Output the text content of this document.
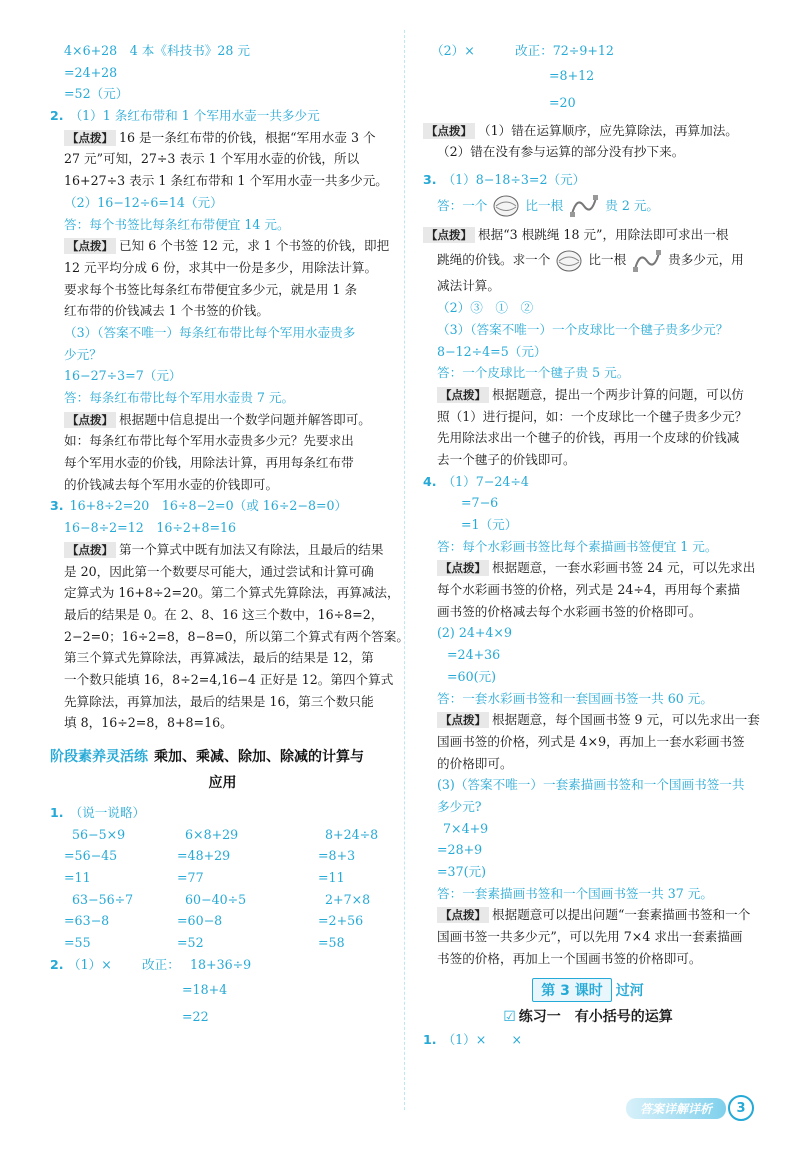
4×6+28　4 本《科技书》28 元
=24+28
=52（元）
2. （1）1 条红布带和 1 个军用水壶一共多少元
【点拨】 16 是一条红布带的价钱，根据“军用水壶 3 个
27 元”可知，27÷3 表示 1 个军用水壶的价钱，所以
16+27÷3 表示 1 条红布带和 1 个军用水壶一共多少元。
（2）16−12÷6=14（元）
答：每个书签比每条红布带便宜 14 元。
【点拨】 已知 6 个书签 12 元，求 1 个书签的价钱，即把
12 元平均分成 6 份，求其中一份是多少，用除法计算。
要求每个书签比每条红布带便宜多少元，就是用 1 条
红布带的价钱减去 1 个书签的价钱。
（3）（答案不唯一）每条红布带比每个军用水壶贵多
少元？
16−27÷3=7（元）
答：每条红布带比每个军用水壶贵 7 元。
【点拨】 根据题中信息提出一个数学问题并解答即可。
如：每条红布带比每个军用水壶贵多少元？先要求出
每个军用水壶的价钱，用除法计算，再用每条红布带
的价钱减去每个军用水壶的价钱即可。
3. 16+8÷2=20　16÷8−2=0（或 16÷2−8=0）
16−8÷2=12　16÷2+8=16
【点拨】 第一个算式中既有加法又有除法，且最后的结果
是 20，因此第一个数要尽可能大，通过尝试和计算可确
定算式为 16+8÷2=20。第二个算式先算除法，再算减法，
最后的结果是 0。在 2、8、16 这三个数中，16÷8=2，
2−2=0；16÷2=8，8−8=0，所以第二个算式有两个答案。
第三个算式先算除法，再算减法，最后的结果是 12，第
一个数只能填 16，8÷2=4,16−4 正好是 12。第四个算式
先算除法，再算加法，最后的结果是 16，第三个数只能
填 8，16÷2=8，8+8=16。
阶段素养灵活练 乘加、乘减、除加、除减的计算与
应用
1. （说一说略）
56−5×9	6×8+29	8+24÷8
=56−45	=48+29	=8+3
=11	=77	=11
63−56÷7	60−40÷5	2+7×8
=63−8	=60−8	=2+56
=55	=52	=58
2. （1）× 改正： 18+36÷9
=18+4
=22
（2）×	改正：72÷9+12
=8+12
=20
【点拨】 （1）错在运算顺序，应先算除法，再算加法。
（2）错在没有参与运算的部分没有抄下来。
3. （1）8−18÷3=2（元）
答：一个	比一根	贵 2 元。
【点拨】 根据“3 根跳绳 18 元”，用除法即可求出一根
跳绳的价钱。求一个	比一根	贵多少元，用
减法计算。
（2）③　①　②
（3）（答案不唯一）一个皮球比一个毽子贵多少元？
8−12÷4=5（元）
答：一个皮球比一个毽子贵 5 元。
【点拨】 根据题意，提出一个两步计算的问题，可以仿
照（1）进行提问，如：一个皮球比一个毽子贵多少元？
先用除法求出一个毽子的价钱，再用一个皮球的价钱减
去一个毽子的价钱即可。
4. （1）7−24÷4
=7−6
=1（元）
答：每个水彩画书签比每个素描画书签便宜 1 元。
【点拨】 根据题意，一套水彩画书签 24 元，可以先求出
每个水彩画书签的价格，列式是 24÷4，再用每个素描
画书签的价格减去每个水彩画书签的价格即可。
(2) 24+4×9
=24+36
=60(元)
答：一套水彩画书签和一套国画书签一共 60 元。
【点拨】 根据题意，每个国画书签 9 元，可以先求出一套
国画书签的价格，列式是 4×9，再加上一套水彩画书签
的价格即可。
(3)（答案不唯一）一套素描画书签和一个国画书签一共
多少元?
7×4+9
=28+9
=37(元)
答：一套素描画书签和一个国画书签一共 37 元。
【点拨】 根据题意可以提出问题“一套素描画书签和一个
国画书签一共多少元”，可以先用 7×4 求出一套素描画
书签的价格，再加上一个国画书签的价格即可。
第 3 课时 过河
☑ 练习一　有小括号的运算
1. （1）×　　×
答案详解详析	3
